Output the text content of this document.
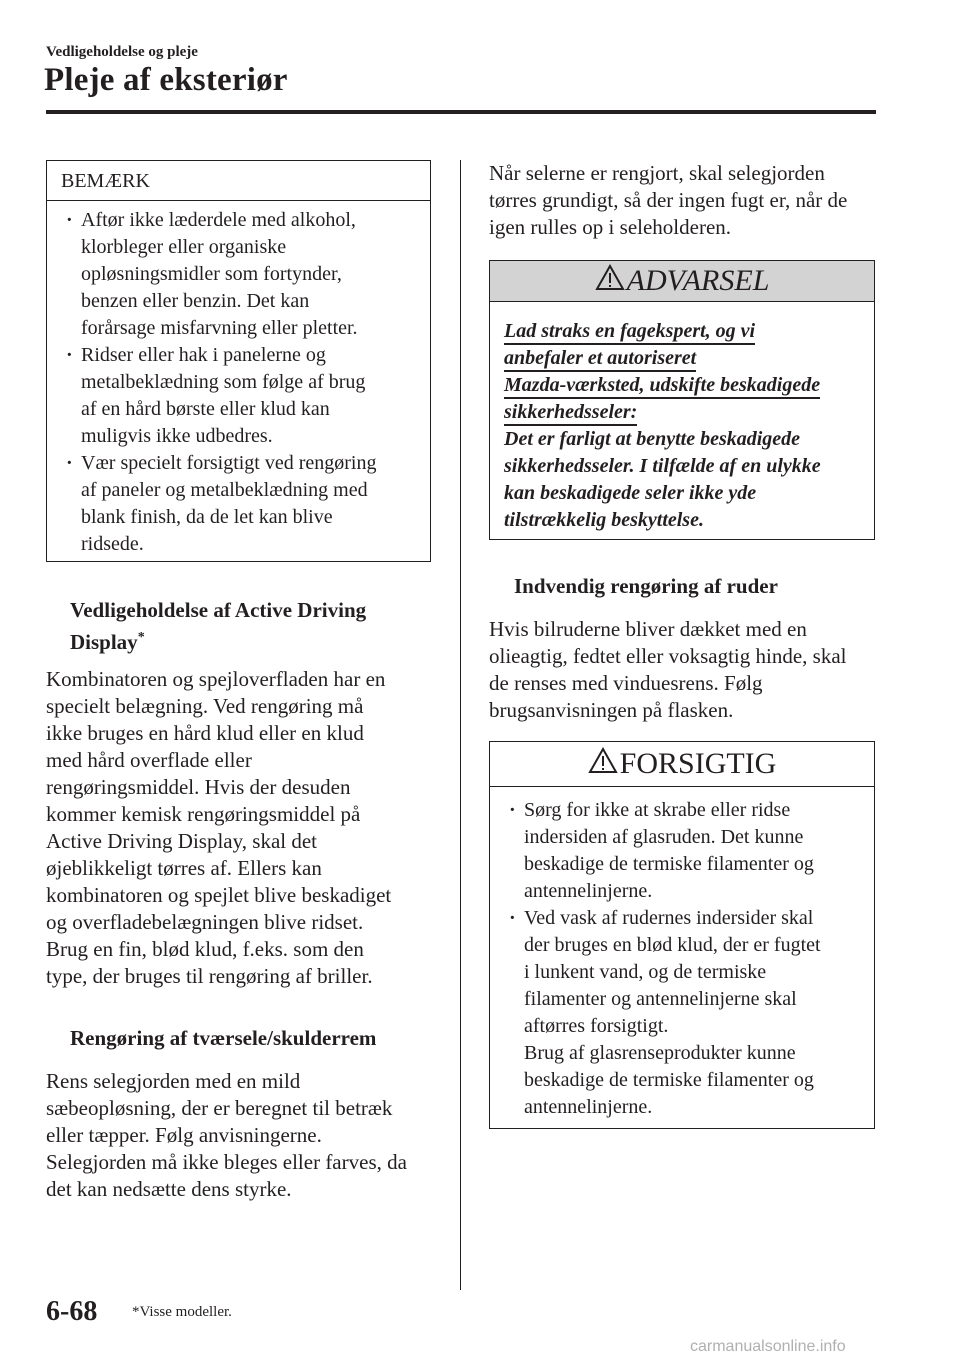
Vedligeholdelse og pleje
Pleje af eksteriør
BEMÆRK
· Aftør ikke læderdele med alkohol,
klorbleger eller organiske
opløsningsmidler som fortynder,
benzen eller benzin. Det kan
forårsage misfarvning eller pletter.
· Ridser eller hak i panelerne og
metalbeklædning som følge af brug
af en hård børste eller klud kan
muligvis ikke udbedres.
· Vær specielt forsigtigt ved rengøring
af paneler og metalbeklædning med
blank finish, da de let kan blive
ridsede.
Vedligeholdelse af Active Driving
Display*
Kombinatoren og spejloverfladen har en
specielt belægning. Ved rengøring må
ikke bruges en hård klud eller en klud
med hård overflade eller
rengøringsmiddel. Hvis der desuden
kommer kemisk rengøringsmiddel på
Active Driving Display, skal det
øjeblikkeligt tørres af. Ellers kan
kombinatoren og spejlet blive beskadiget
og overfladebelægningen blive ridset.
Brug en fin, blød klud, f.eks. som den
type, der bruges til rengøring af briller.
Rengøring af tværsele/skulderrem
Rens selegjorden med en mild
sæbeopløsning, der er beregnet til betræk
eller tæpper. Følg anvisningerne.
Selegjorden må ikke bleges eller farves, da
det kan nedsætte dens styrke.
Når selerne er rengjort, skal selegjorden
tørres grundigt, så der ingen fugt er, når de
igen rulles op i seleholderen.
ADVARSEL
Lad straks en fagekspert, og vi
anbefaler et autoriseret
Mazda-værksted, udskifte beskadigede
sikkerhedsseler:
Det er farligt at benytte beskadigede
sikkerhedsseler. I tilfælde af en ulykke
kan beskadigede seler ikke yde
tilstrækkelig beskyttelse.
Indvendig rengøring af ruder
Hvis bilruderne bliver dækket med en
olieagtig, fedtet eller voksagtig hinde, skal
de renses med vinduesrens. Følg
brugsanvisningen på flasken.
FORSIGTIG
· Sørg for ikke at skrabe eller ridse
indersiden af glasruden. Det kunne
beskadige de termiske filamenter og
antennelinjerne.
· Ved vask af rudernes indersider skal
der bruges en blød klud, der er fugtet
i lunkent vand, og de termiske
filamenter og antennelinjerne skal
aftørres forsigtigt.
Brug af glasrenseprodukter kunne
beskadige de termiske filamenter og
antennelinjerne.
6-68 *Visse modeller.
carmanualsonline.info
